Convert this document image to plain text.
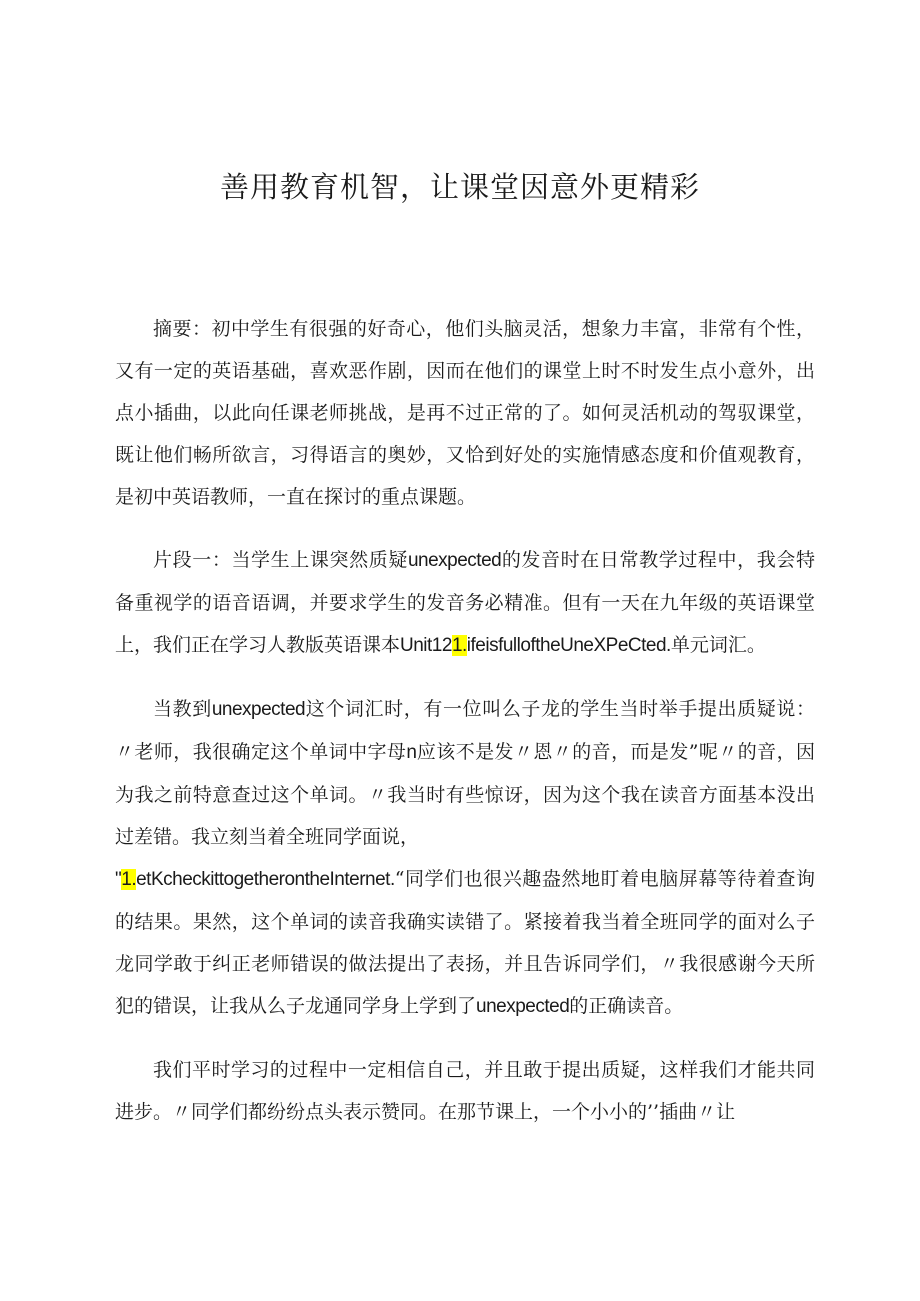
善用教育机智，让课堂因意外更精彩

摘要：初中学生有很强的好奇心，他们头脑灵活，想象力丰富，非常有个性，又有一定的英语基础，喜欢恶作剧，因而在他们的课堂上时不时发生点小意外，出点小插曲，以此向任课老师挑战，是再不过正常的了。如何灵活机动的驾驭课堂，既让他们畅所欲言，习得语言的奥妙，又恰到好处的实施情感态度和价值观教育，是初中英语教师，一直在探讨的重点课题。

片段一：当学生上课突然质疑unexpected的发音时在日常教学过程中，我会特备重视学的语音语调，并要求学生的发音务必精准。但有一天在九年级的英语课堂上，我们正在学习人教版英语课本Unit121.ifeisfulloftheUneXPeCted.单元词汇。

当教到unexpected这个词汇时，有一位叫么子龙的学生当时举手提出质疑说：〃老师，我很确定这个单词中字母n应该不是发〃恩〃的音，而是发”呢〃的音，因为我之前特意查过这个单词。〃我当时有些惊讶，因为这个我在读音方面基本没出过差错。我立刻当着全班同学面说，
"1.etKcheckittogetherontheInternet.“同学们也很兴趣盎然地盯着电脑屏幕等待着查询的结果。果然，这个单词的读音我确实读错了。紧接着我当着全班同学的面对么子龙同学敢于纠正老师错误的做法提出了表扬，并且告诉同学们，〃我很感谢今天所犯的错误，让我从么子龙通同学身上学到了unexpected的正确读音。

我们平时学习的过程中一定相信自己，并且敢于提出质疑，这样我们才能共同进步。〃同学们都纷纷点头表示赞同。在那节课上，一个小小的’’插曲〃让
